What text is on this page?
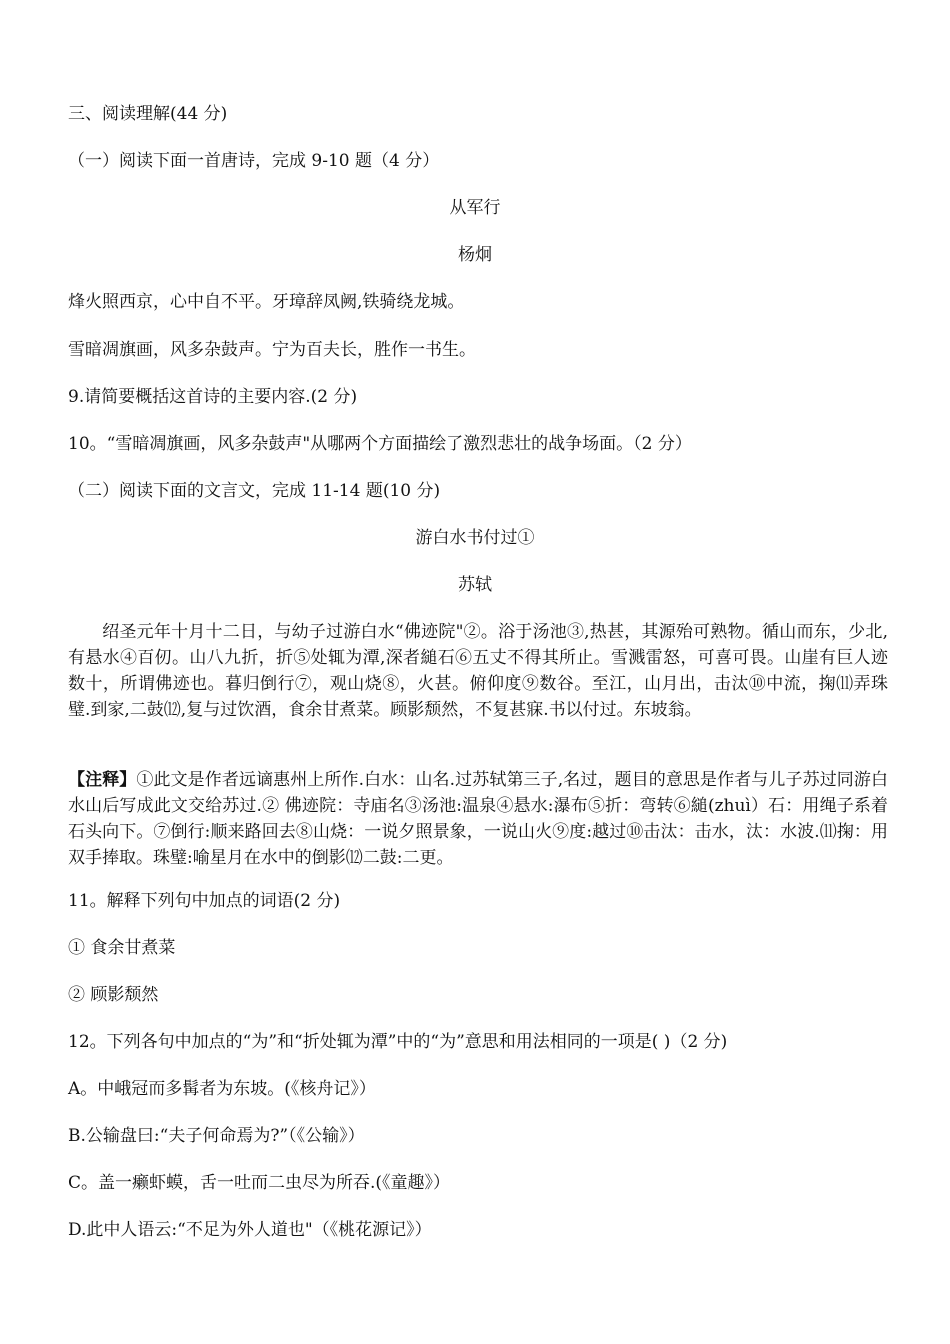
三、阅读理解(44 分)
（一）阅读下面一首唐诗，完成 9-10 题（4 分）
从军行
杨炯
烽火照西京，心中自不平。牙璋辞凤阙,铁骑绕龙城。
雪暗凋旗画，风多杂鼓声。宁为百夫长，胜作一书生。
9.请简要概括这首诗的主要内容.(2 分)
10。“雪暗凋旗画，风多杂鼓声"从哪两个方面描绘了激烈悲壮的战争场面。（2 分）
（二）阅读下面的文言文，完成 11-14 题(10 分)
游白水书付过①
苏轼
绍圣元年十月十二日，与幼子过游白水“佛迹院"②。浴于汤池③,热甚，其源殆可熟物。循山而东，少北,有悬水④百仞。山八九折，折⑤处辄为潭,深者縋石⑥五丈不得其所止。雪溅雷怒，可喜可畏。山崖有巨人迹数十，所谓佛迹也。暮归倒行⑦，观山烧⑧，火甚。俯仰度⑨数谷。至江，山月出，击汰⑩中流，掬⑾弄珠璧.到家,二鼓⑿,复与过饮酒，食余甘煮菜。顾影颓然，不复甚寐.书以付过。东坡翁。
【注释】①此文是作者远谪惠州上所作.白水：山名.过苏轼第三子,名过，题目的意思是作者与儿子苏过同游白水山后写成此文交给苏过.② 佛迹院：寺庙名③汤池:温泉④悬水:瀑布⑤折：弯转⑥縋(zhuì）石：用绳子系着石头向下。⑦倒行:顺来路回去⑧山烧：一说夕照景象，一说山火⑨度:越过⑩击汰：击水，汰：水波.⑾掬：用双手捧取。珠璧:喻星月在水中的倒影⑿二鼓:二更。
11。解释下列句中加点的词语(2 分)
① 食余甘煮菜
② 顾影颓然
12。下列各句中加点的“为”和“折处辄为潭”中的“为”意思和用法相同的一项是( )（2 分)
A。中峨冠而多髯者为东坡。(《核舟记》）
B.公输盘曰:“夫子何命焉为?”（《公输》）
C。盖一癞虾蟆，舌一吐而二虫尽为所吞.(《童趣》）
D.此中人语云:“不足为外人道也"（《桃花源记》）
